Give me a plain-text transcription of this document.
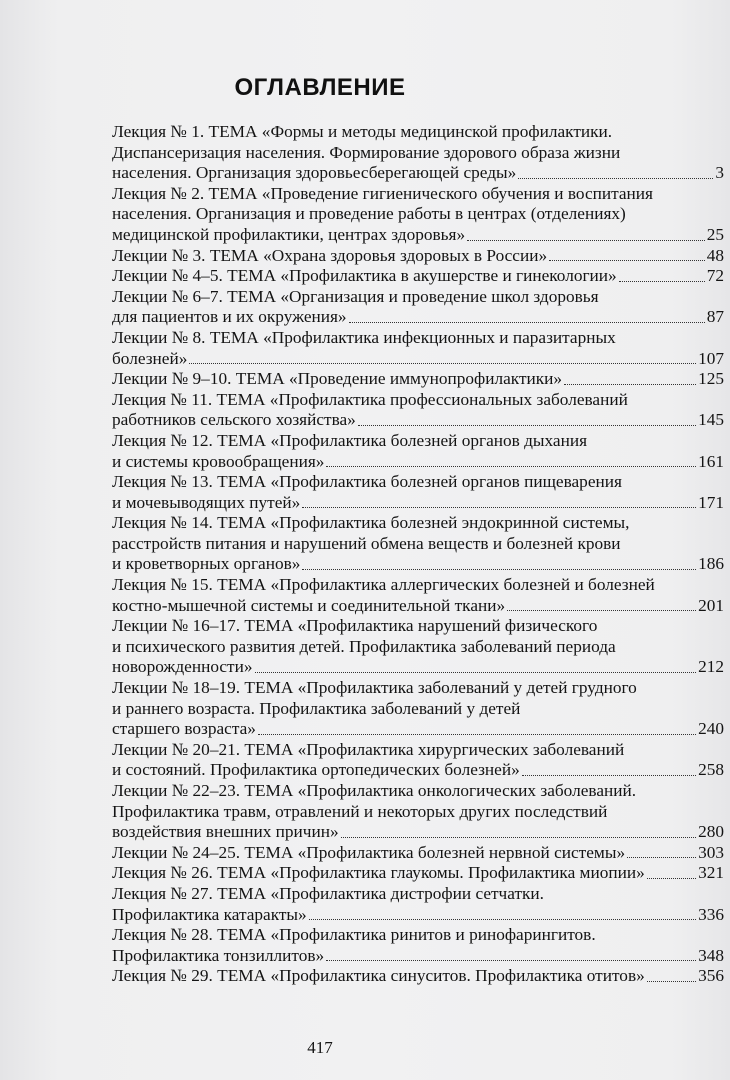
ОГЛАВЛЕНИЕ
Лекция № 1. ТЕМА «Формы и методы медицинской профилактики.
Диспансеризация населения. Формирование здорового образа жизни
населения. Организация здоровьесберегающей среды»	3
Лекция № 2. ТЕМА «Проведение гигиенического обучения и воспитания
населения. Организация и проведение работы в центрах (отделениях)
медицинской профилактики, центрах здоровья»	25
Лекции № 3. ТЕМА «Охрана здоровья здоровых в России»	48
Лекции № 4–5. ТЕМА «Профилактика в акушерстве и гинекологии»	72
Лекции № 6–7. ТЕМА «Организация и проведение школ здоровья
для пациентов и их окружения»	87
Лекции № 8. ТЕМА «Профилактика инфекционных и паразитарных
болезней»	107
Лекции № 9–10. ТЕМА «Проведение иммунопрофилактики»	125
Лекция № 11. ТЕМА «Профилактика профессиональных заболеваний
работников сельского хозяйства»	145
Лекция № 12. ТЕМА «Профилактика болезней органов дыхания
и системы кровообращения»	161
Лекция № 13. ТЕМА «Профилактика болезней органов пищеварения
и мочевыводящих путей»	171
Лекция № 14. ТЕМА «Профилактика болезней эндокринной системы,
расстройств питания и нарушений обмена веществ и болезней крови
и кроветворных органов»	186
Лекция № 15. ТЕМА «Профилактика аллергических болезней и болезней
костно-мышечной системы и соединительной ткани»	201
Лекции № 16–17. ТЕМА «Профилактика нарушений физического
и психического развития детей. Профилактика заболеваний периода
новорожденности»	212
Лекции № 18–19. ТЕМА «Профилактика заболеваний у детей грудного
и раннего возраста. Профилактика заболеваний у детей
старшего возраста»	240
Лекции № 20–21. ТЕМА «Профилактика хирургических заболеваний
и состояний. Профилактика ортопедических болезней»	258
Лекции № 22–23. ТЕМА «Профилактика онкологических заболеваний.
Профилактика травм, отравлений и некоторых других последствий
воздействия внешних причин»	280
Лекции № 24–25. ТЕМА «Профилактика болезней нервной системы»	303
Лекция № 26. ТЕМА «Профилактика глаукомы. Профилактика миопии»	321
Лекция № 27. ТЕМА «Профилактика дистрофии сетчатки.
Профилактика катаракты»	336
Лекция № 28. ТЕМА «Профилактика ринитов и ринофарингитов.
Профилактика тонзиллитов»	348
Лекция № 29. ТЕМА «Профилактика синуситов. Профилактика отитов»	356
417
